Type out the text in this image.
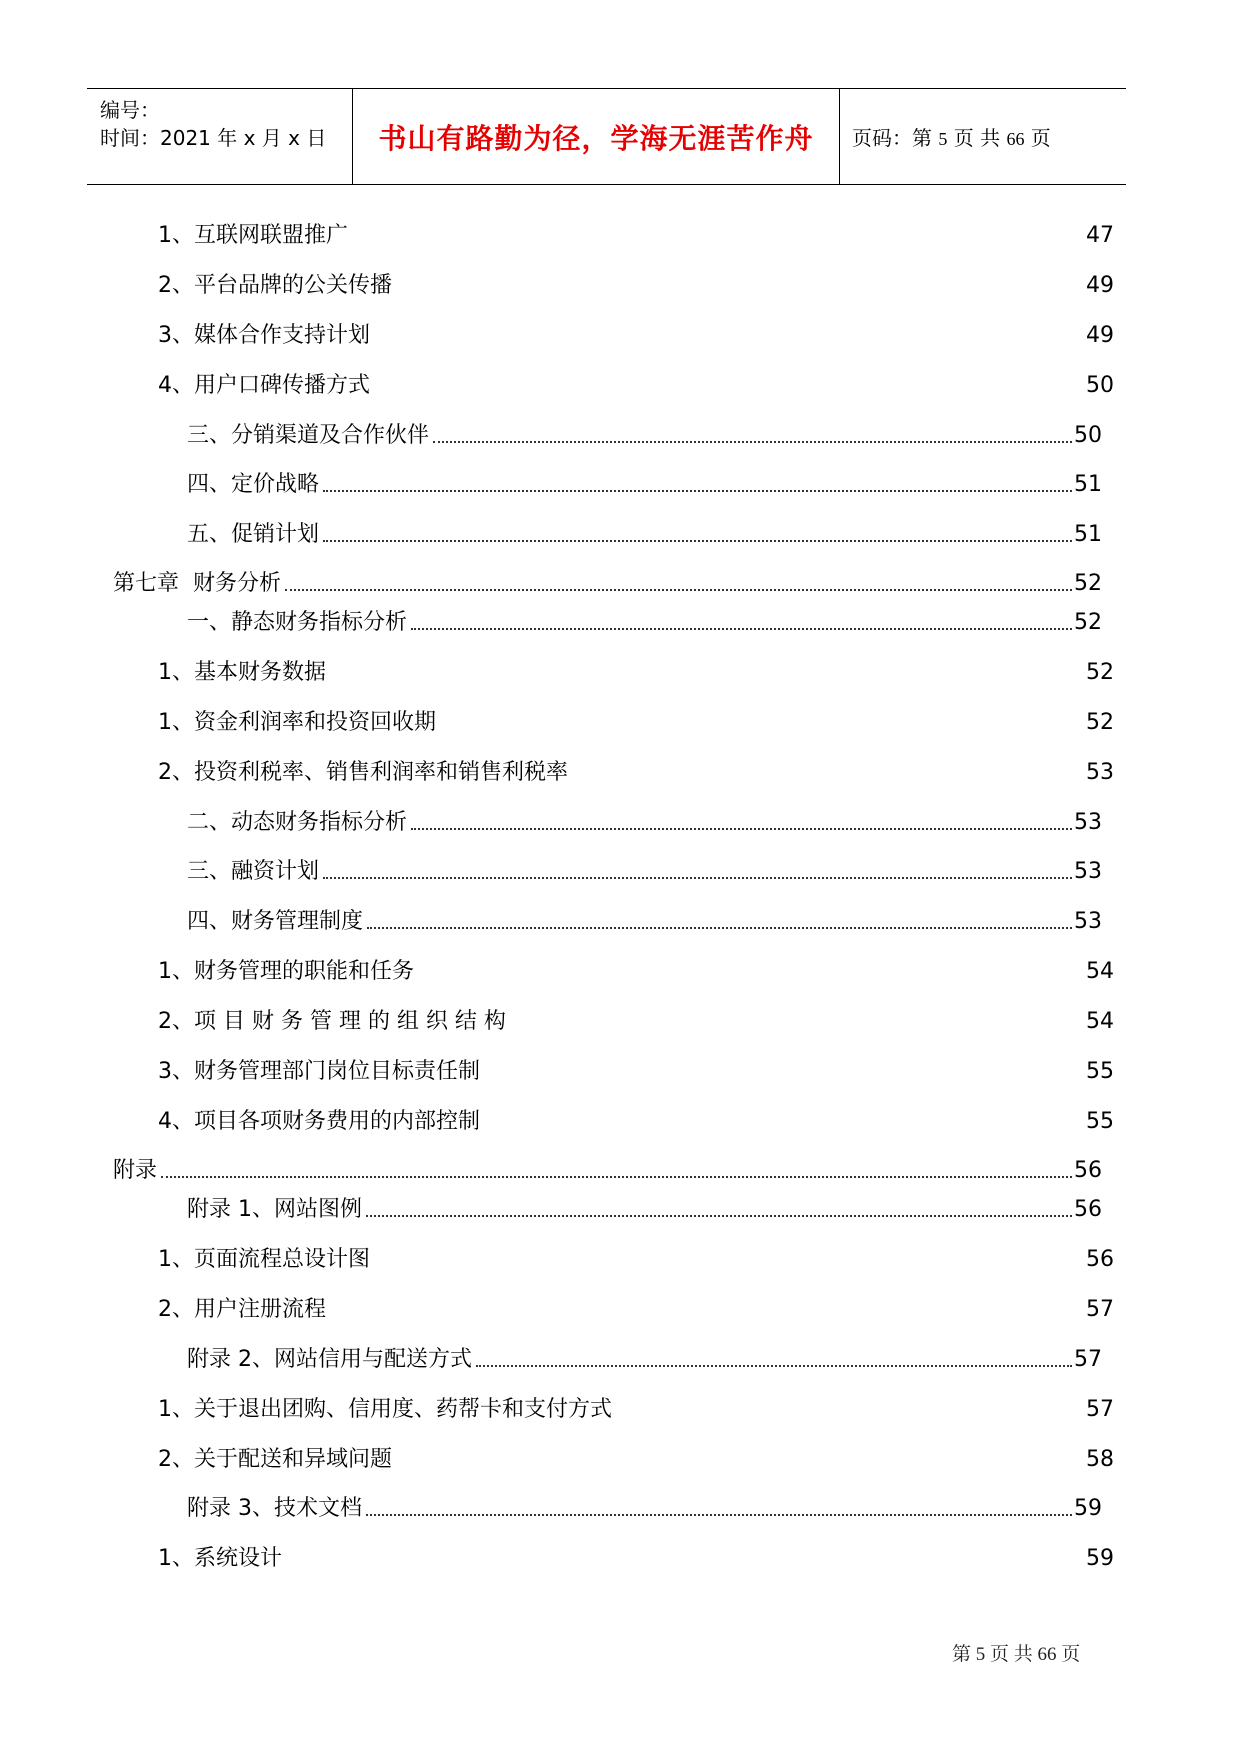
编号：
时间：2021 年 x 月 x 日 书山有路勤为径，学海无涯苦作舟 页码：第 5 页 共 66 页
1、互联网联盟推广	47
2、平台品牌的公关传播	49
3、媒体合作支持计划	49
4、用户口碑传播方式	50
三、分销渠道及合作伙伴	50
四、定价战略	51
五、促销计划	51
第七章  财务分析	52
一、静态财务指标分析	52
1、基本财务数据	52
1、资金利润率和投资回收期	52
2、投资利税率、销售利润率和销售利税率	53
二、动态财务指标分析	53
三、融资计划	53
四、财务管理制度	53
1、财务管理的职能和任务	54
2、项 目 财 务 管 理 的 组 织 结 构	54
3、财务管理部门岗位目标责任制	55
4、项目各项财务费用的内部控制	55
附录	56
附录 1、网站图例	56
1、页面流程总设计图	56
2、用户注册流程	57
附录 2、网站信用与配送方式	57
1、关于退出团购、信用度、药帮卡和支付方式	57
2、关于配送和异域问题	58
附录 3、技术文档	59
1、系统设计	59
第 5 页 共 66 页
